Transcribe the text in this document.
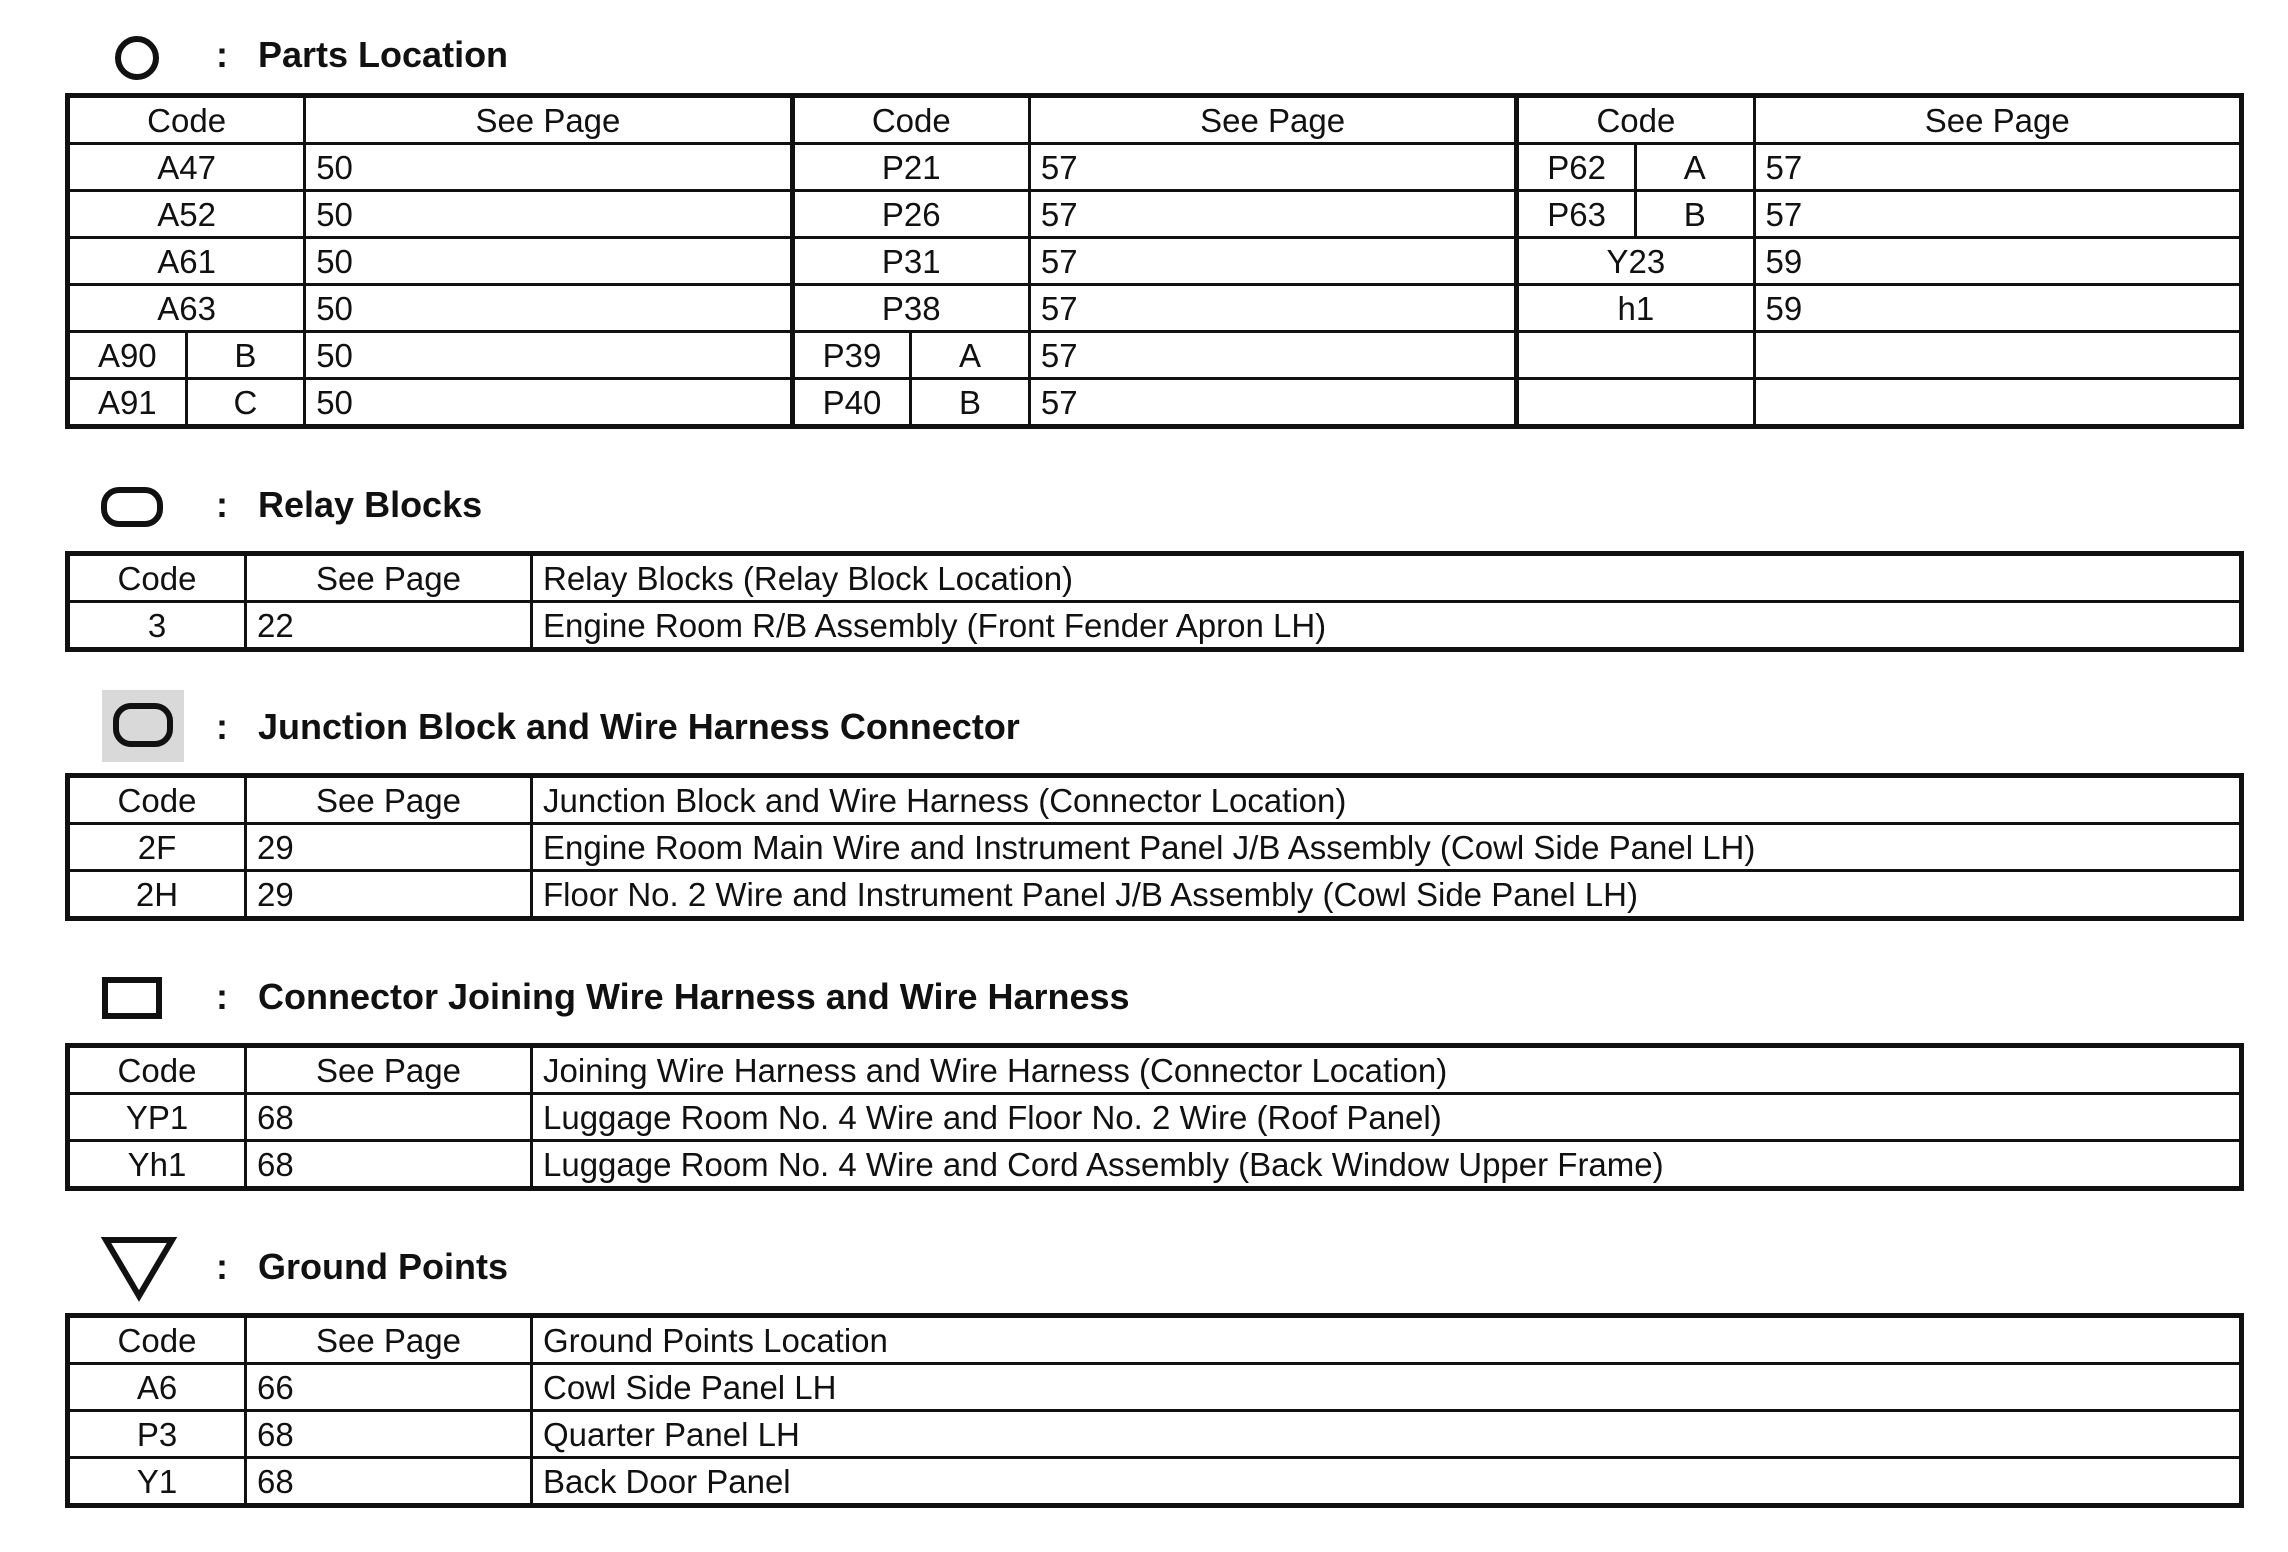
: Parts Location
Code		See Page	Code		See Page	Code		See Page
A47		50	P21		57	P62	A	57
A52		50	P26		57	P63	B	57
A61		50	P31		57	Y23		59
A63		50	P38		57	h1		59
A90	B	50	P39	A	57			
A91	C	50	P40	B	57			
: Relay Blocks
Code	See Page	Relay Blocks (Relay Block Location)
3	22	Engine Room R/B Assembly (Front Fender Apron LH)
: Junction Block and Wire Harness Connector
Code	See Page	Junction Block and Wire Harness (Connector Location)
2F	29	Engine Room Main Wire and Instrument Panel J/B Assembly (Cowl Side Panel LH)
2H	29	Floor No. 2 Wire and Instrument Panel J/B Assembly (Cowl Side Panel LH)
: Connector Joining Wire Harness and Wire Harness
Code	See Page	Joining Wire Harness and Wire Harness (Connector Location)
YP1	68	Luggage Room No. 4 Wire and Floor No. 2 Wire (Roof Panel)
Yh1	68	Luggage Room No. 4 Wire and Cord Assembly (Back Window Upper Frame)
: Ground Points
Code	See Page	Ground Points Location
A6	66	Cowl Side Panel LH
P3	68	Quarter Panel LH
Y1	68	Back Door Panel
